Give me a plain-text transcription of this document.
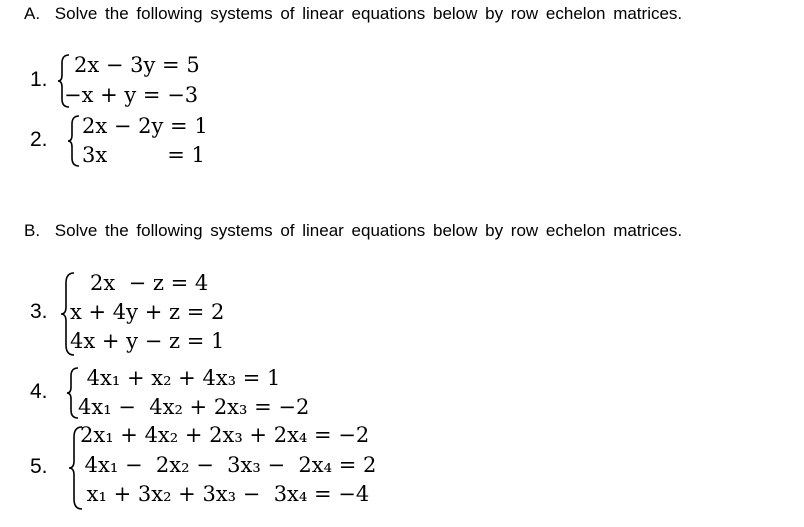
A. Solve the following systems of linear equations below by row echelon matrices.
1.
2x − 3y = 5
−x + y = −3
2.
2x − 2y = 1
3x         = 1
B. Solve the following systems of linear equations below by row echelon matrices.
3.
2x  − z = 4
x + 4y + z = 2
4x + y − z = 1
4.
4x₁ + x₂ + 4x₃ = 1
4x₁ −  4x₂ + 2x₃ = −2
5.
2x₁ + 4x₂ + 2x₃ + 2x₄ = −2
4x₁ −  2x₂ −  3x₃ −  2x₄ = 2
x₁ + 3x₂ + 3x₃ −  3x₄ = −4
